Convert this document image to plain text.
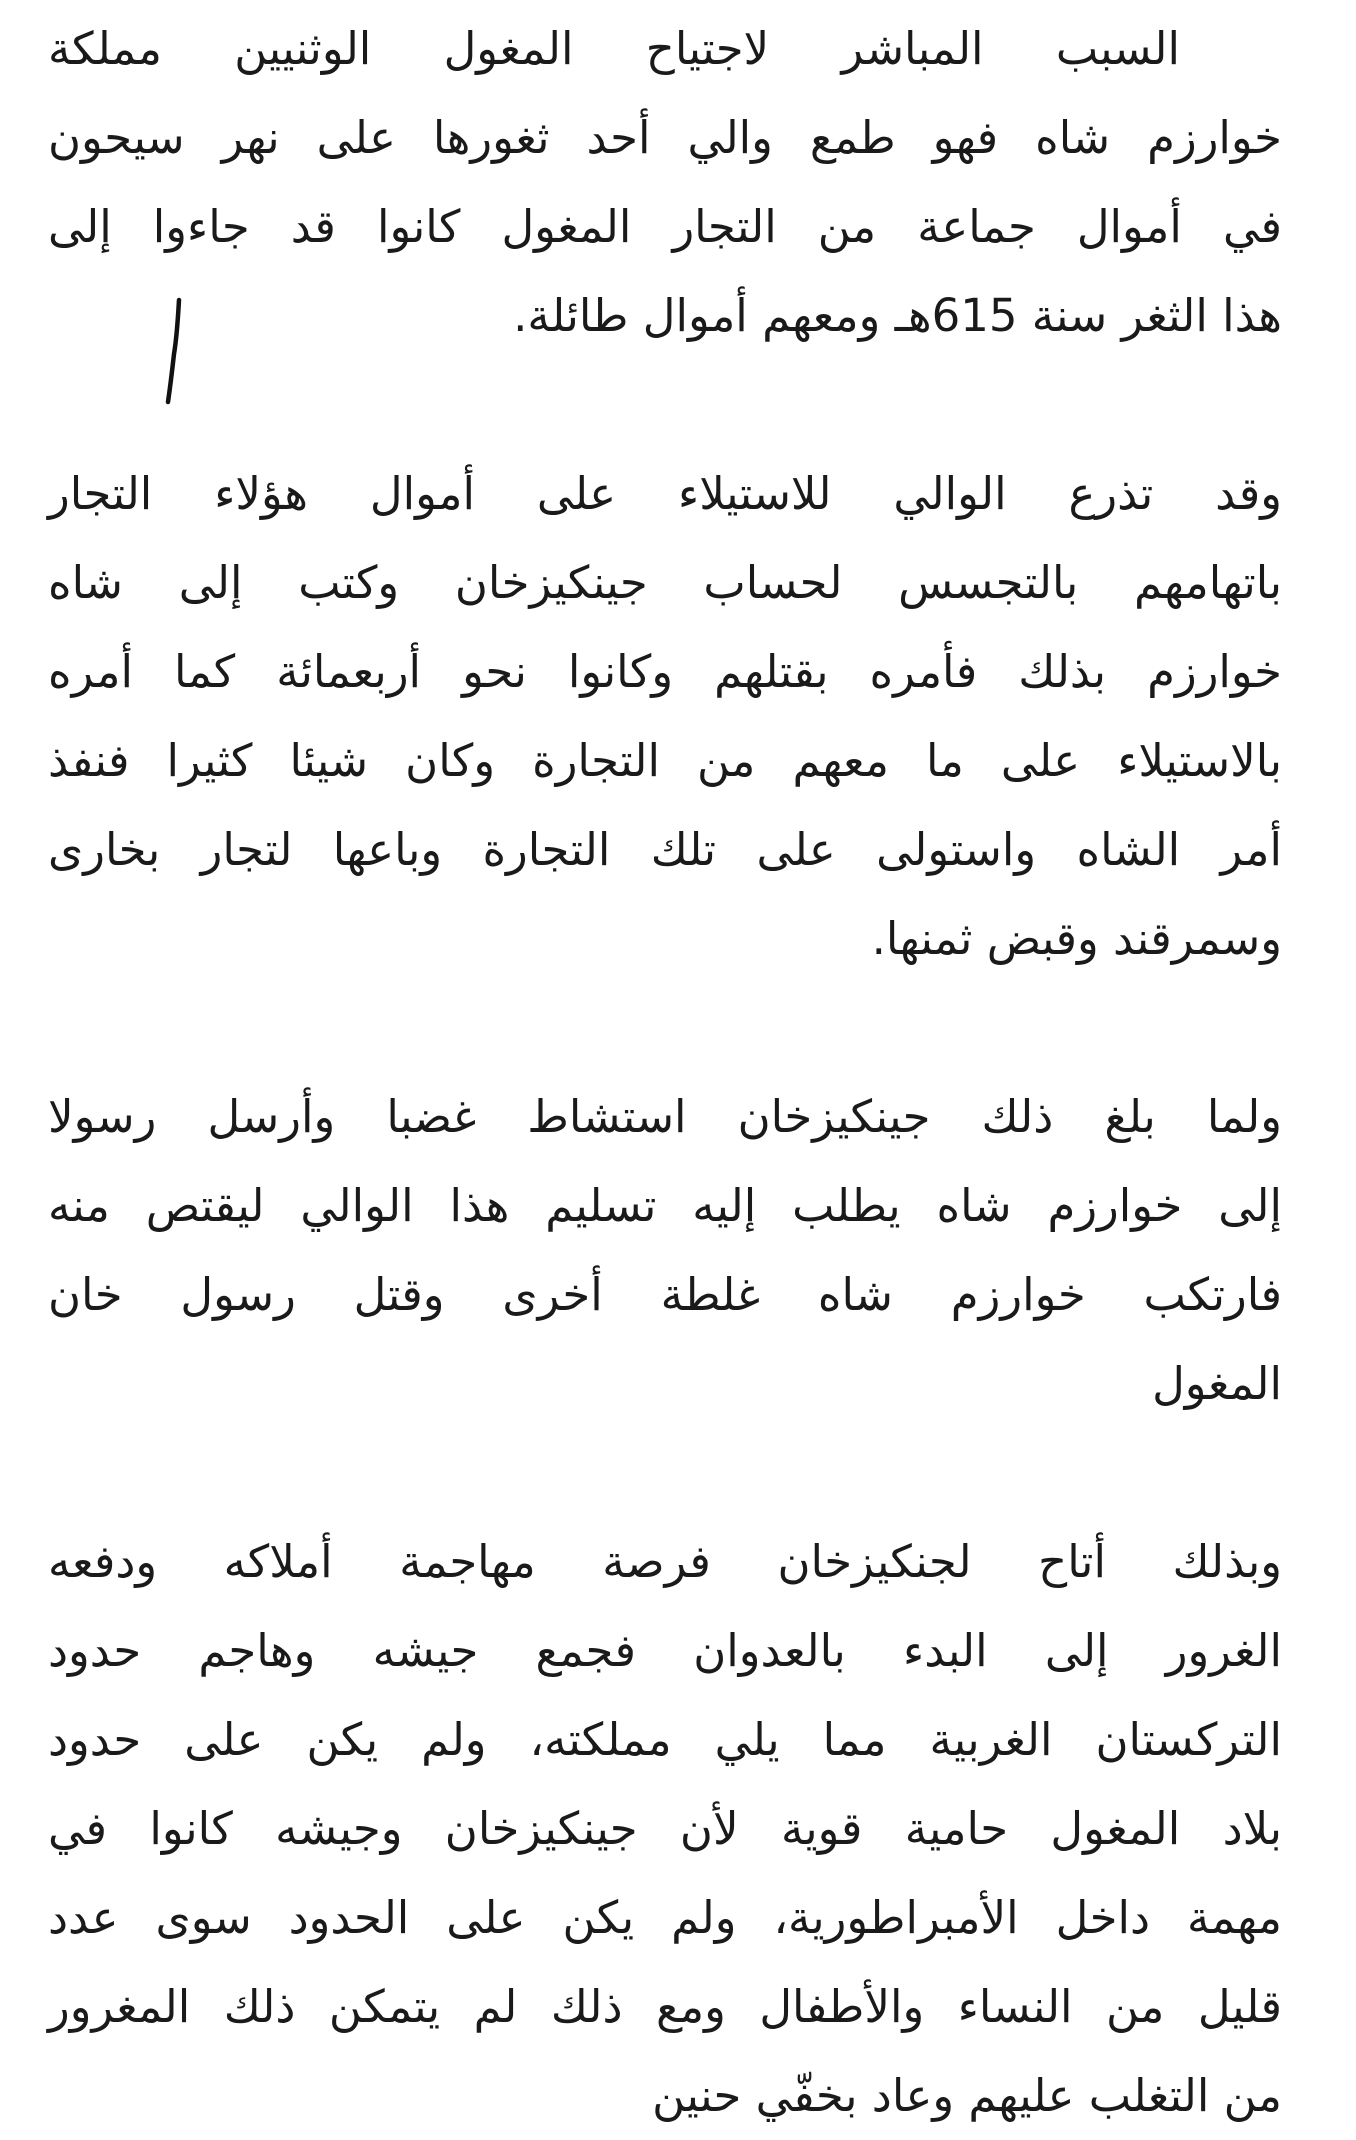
السبب المباشر لاجتياح المغول الوثنيين مملكة
خوارزم شاه فهو طمع والي أحد ثغورها على نهر سيحون
في أموال جماعة من التجار المغول كانوا قد جاءوا إلى
هذا الثغر سنة 615هـ ومعهم أموال طائلة.
وقد تذرع الوالي للاستيلاء على أموال هؤلاء التجار
باتهامهم بالتجسس لحساب جينكيزخان وكتب إلى شاه
خوارزم بذلك فأمره بقتلهم وكانوا نحو أربعمائة كما أمره
بالاستيلاء على ما معهم من التجارة وكان شيئا كثيرا فنفذ
أمر الشاه واستولى على تلك التجارة وباعها لتجار بخارى
وسمرقند وقبض ثمنها.
ولما بلغ ذلك جينكيزخان استشاط غضبا وأرسل رسولا
إلى خوارزم شاه يطلب إليه تسليم هذا الوالي ليقتص منه
فارتكب خوارزم شاه غلطة أخرى وقتل رسول خان
المغول
وبذلك أتاح لجنكيزخان فرصة مهاجمة أملاكه ودفعه
الغرور إلى البدء بالعدوان فجمع جيشه وهاجم حدود
التركستان الغربية مما يلي مملكته، ولم يكن على حدود
بلاد المغول حامية قوية لأن جينكيزخان وجيشه كانوا في
مهمة داخل الأمبراطورية، ولم يكن على الحدود سوى عدد
قليل من النساء والأطفال ومع ذلك لم يتمكن ذلك المغرور
من التغلب عليهم وعاد بخفّي حنين
